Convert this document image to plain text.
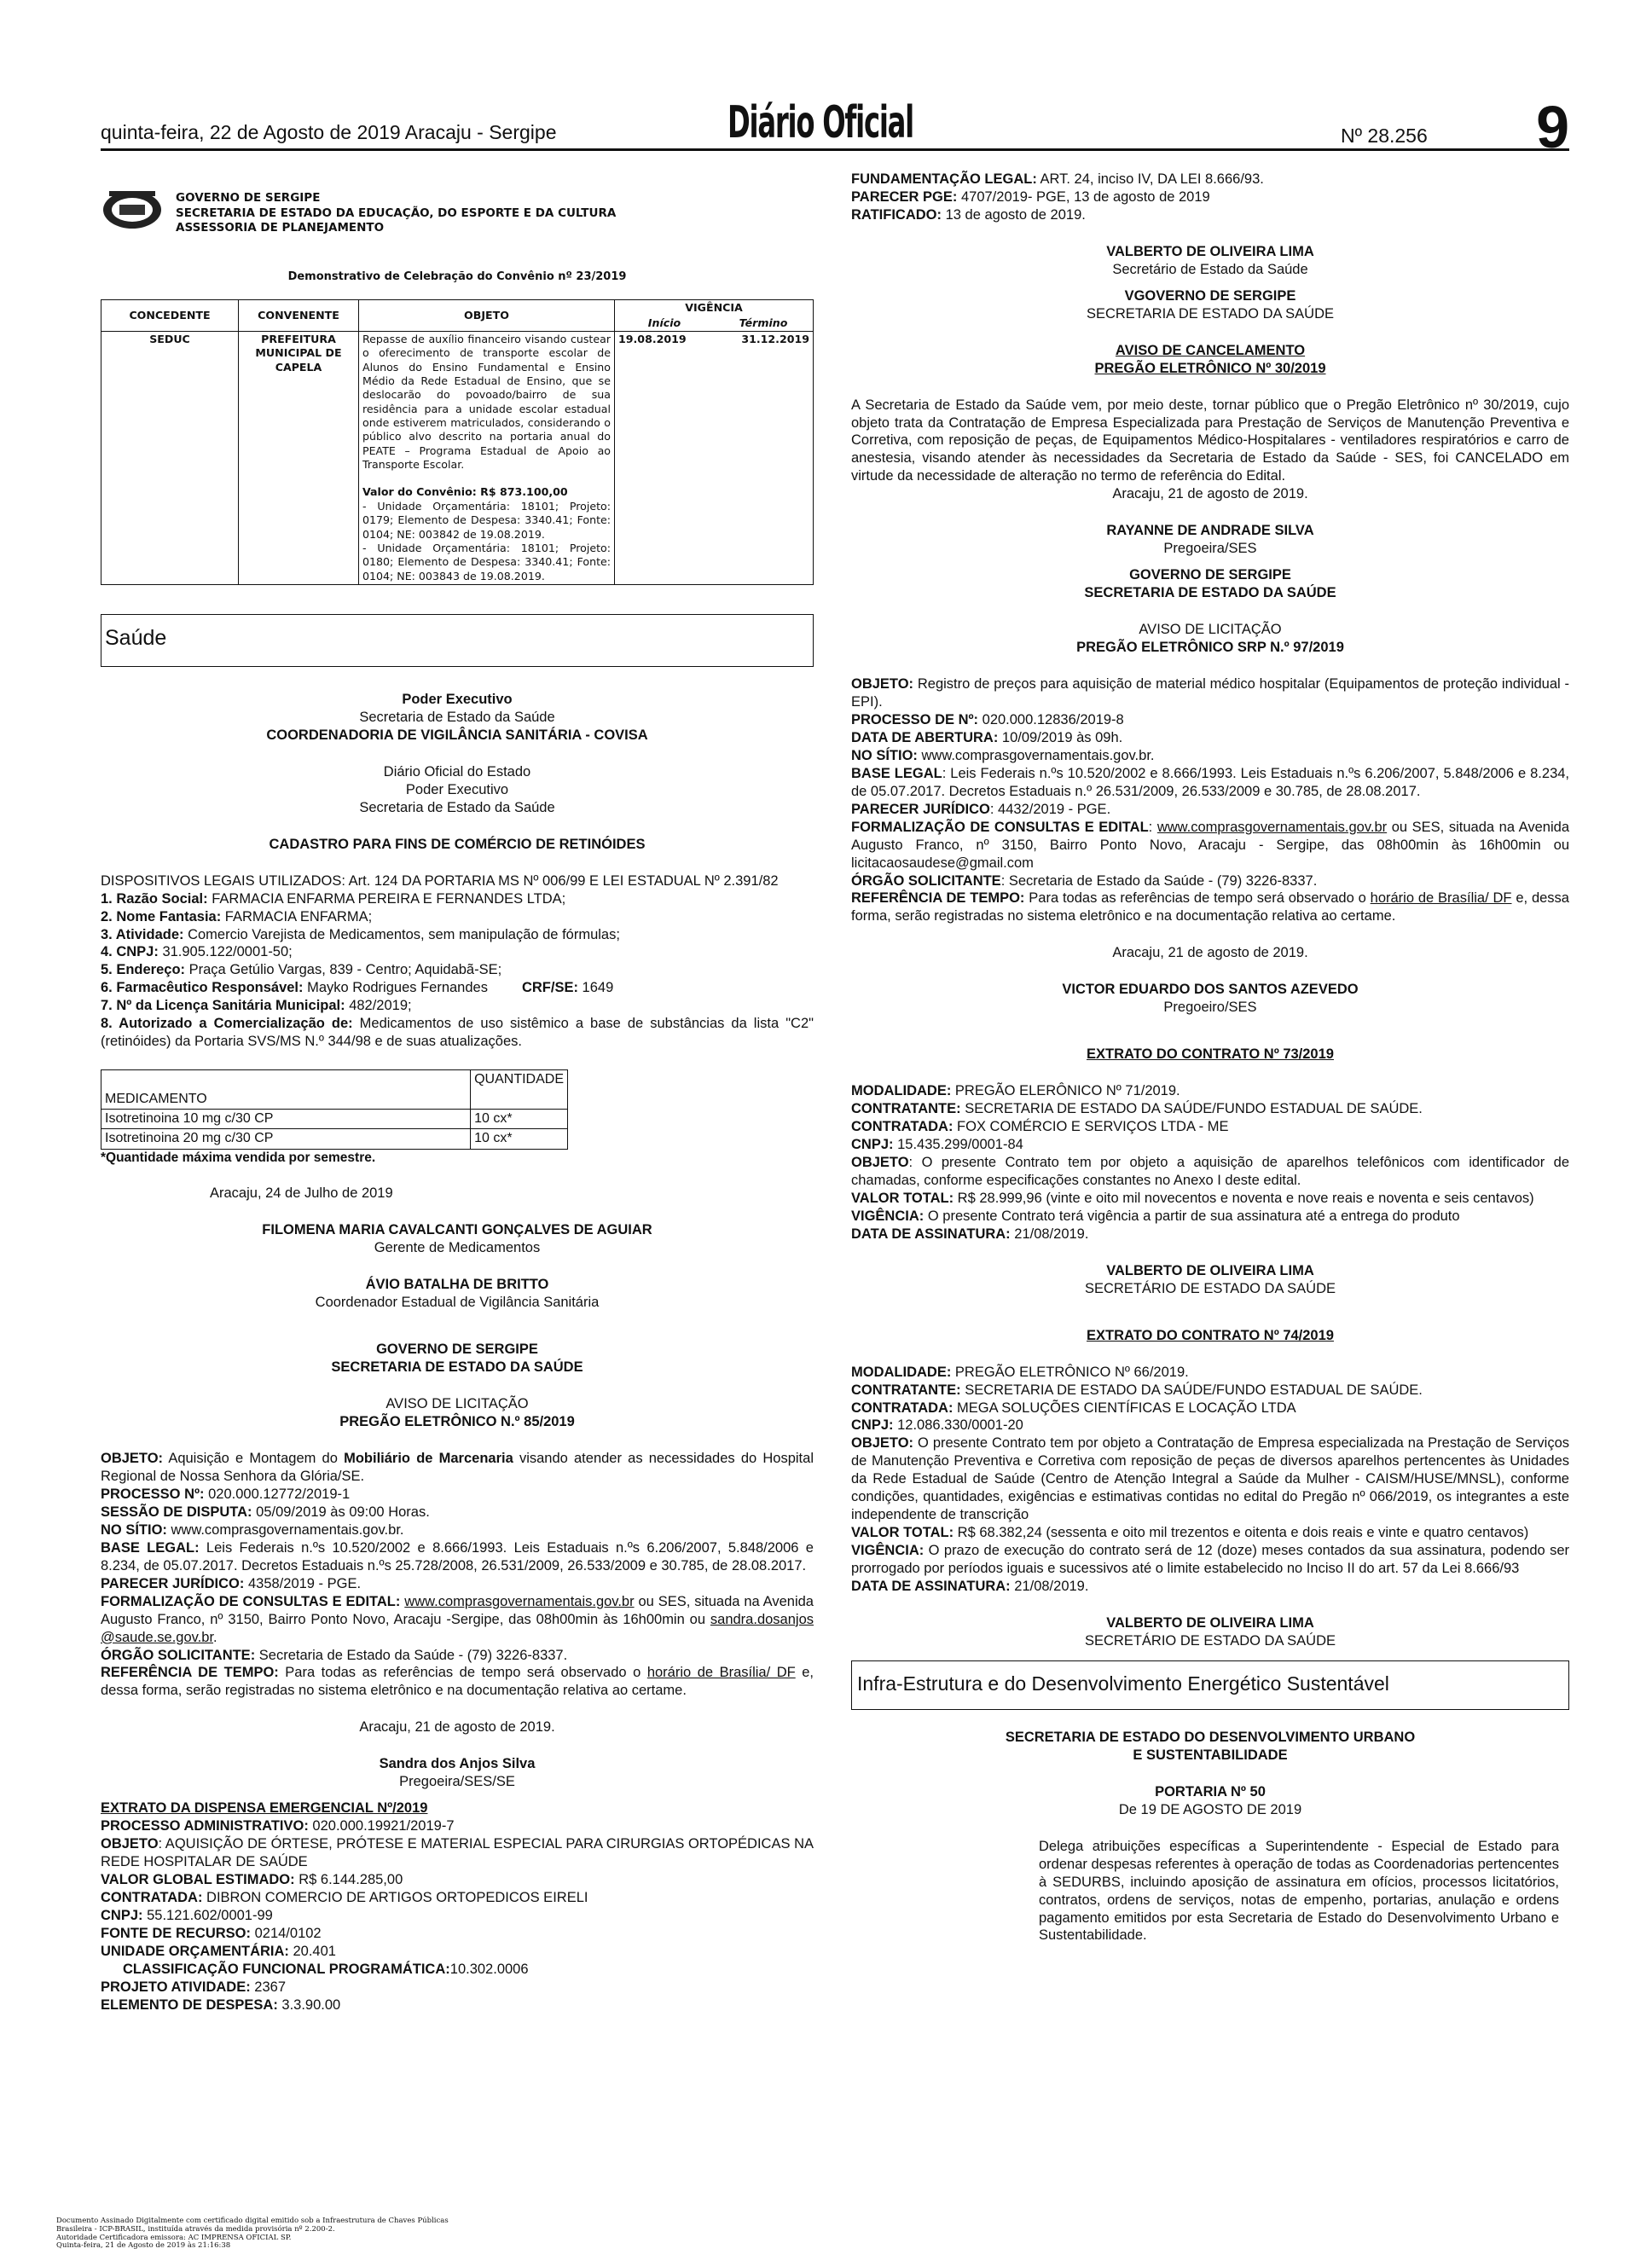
quinta-feira, 22 de Agosto de 2019 Aracaju - Sergipe	Diário Oficial	Nº 28.256 9
GOVERNO DE SERGIPE
SECRETARIA DE ESTADO DA EDUCAÇÃO, DO ESPORTE E DA CULTURA
ASSESSORIA DE PLANEJAMENTO
Demonstrativo de Celebração do Convênio nº 23/2019
CONCEDENTE	CONVENENTE	OBJETO	VIGÊNCIA	
			Início	Término
SEDUC	PREFEITURA MUNICIPAL DE CAPELA	Repasse de auxílio financeiro visando custear o oferecimento de transporte escolar de Alunos do Ensino Fundamental e Ensino Médio da Rede Estadual de Ensino, que se deslocarão do povoado/bairro de sua residência para a unidade escolar estadual onde estiverem matriculados, considerando o público alvo descrito na portaria anual do PEATE – Programa Estadual de Apoio ao Transporte Escolar.
Valor do Convênio: R$ 873.100,00
- Unidade Orçamentária: 18101; Projeto: 0179; Elemento de Despesa: 3340.41; Fonte: 0104; NE: 003842 de 19.08.2019.
- Unidade Orçamentária: 18101; Projeto: 0180; Elemento de Despesa: 3340.41; Fonte: 0104; NE: 003843 de 19.08.2019.	19.08.2019	31.12.2019
Saúde
Poder Executivo
Secretaria de Estado da Saúde
COORDENADORIA DE VIGILÂNCIA SANITÁRIA - COVISA
Diário Oficial do Estado
Poder Executivo
Secretaria de Estado da Saúde
CADASTRO PARA FINS DE COMÉRCIO DE RETINÓIDES

DISPOSITIVOS LEGAIS UTILIZADOS: Art. 124 DA PORTARIA MS Nº 006/99 E LEI ESTADUAL Nº 2.391/82

1. Razão Social: FARMACIA ENFARMA PEREIRA E FERNANDES LTDA;

2. Nome Fantasia: FARMACIA ENFARMA;

3. Atividade: Comercio Varejista de Medicamentos, sem manipulação de fórmulas;

4. CNPJ: 31.905.122/0001-50;

5. Endereço: Praça Getúlio Vargas, 839 - Centro; Aquidabã-SE;

6. Farmacêutico Responsável: Mayko Rodrigues Fernandes CRF/SE: 1649

7. Nº da Licença Sanitária Municipal: 482/2019;

8. Autorizado a Comercialização de: Medicamentos de uso sistêmico a base de substâncias da lista "C2" (retinóides) da Portaria SVS/MS N.º 344/98 e de suas atualizações.

MEDICAMENTO	QUANTIDADE
Isotretinoina 10 mg c/30 CP	10 cx*
Isotretinoina 20 mg c/30 CP	10 cx*

*Quantidade máxima vendida por semestre.

Aracaju, 24 de Julho de 2019

FILOMENA MARIA CAVALCANTI GONÇALVES DE AGUIAR
Gerente de Medicamentos
ÁVIO BATALHA DE BRITTO
Coordenador Estadual de Vigilância Sanitária
GOVERNO DE SERGIPE
SECRETARIA DE ESTADO DA SAÚDE
AVISO DE LICITAÇÃO
PREGÃO ELETRÔNICO N.º 85/2019

OBJETO: Aquisição e Montagem do Mobiliário de Marcenaria visando atender as necessidades do Hospital Regional de Nossa Senhora da Glória/SE.

PROCESSO Nº: 020.000.12772/2019-1

SESSÃO DE DISPUTA: 05/09/2019 às 09:00 Horas.

NO SÍTIO: www.comprasgovernamentais.gov.br.

BASE LEGAL: Leis Federais n.ºs 10.520/2002 e 8.666/1993. Leis Estaduais n.ºs 6.206/2007, 5.848/2006 e 8.234, de 05.07.2017. Decretos Estaduais n.ºs 25.728/2008, 26.531/2009, 26.533/2009 e 30.785, de 28.08.2017.

PARECER JURÍDICO: 4358/2019 - PGE.

FORMALIZAÇÃO DE CONSULTAS E EDITAL: www.comprasgovernamentais.gov.br ou SES, situada na Avenida Augusto Franco, nº 3150, Bairro Ponto Novo, Aracaju -Sergipe, das 08h00min às 16h00min ou sandra.dosanjos @saude.se.gov.br.

ÓRGÃO SOLICITANTE: Secretaria de Estado da Saúde - (79) 3226-8337.

REFERÊNCIA DE TEMPO: Para todas as referências de tempo será observado o horário de Brasília/ DF e, dessa forma, serão registradas no sistema eletrônico e na documentação relativa ao certame.

Aracaju, 21 de agosto de 2019.

Sandra dos Anjos Silva
Pregoeira/SES/SE

EXTRATO DA DISPENSA EMERGENCIAL Nº/2019

PROCESSO ADMINISTRATIVO: 020.000.19921/2019-7

OBJETO: AQUISIÇÃO DE ÓRTESE, PRÓTESE E MATERIAL ESPECIAL PARA CIRURGIAS ORTOPÉDICAS NA REDE HOSPITALAR DE SAÚDE

VALOR GLOBAL ESTIMADO: R$ 6.144.285,00

CONTRATADA: DIBRON COMERCIO DE ARTIGOS ORTOPEDICOS EIRELI

CNPJ: 55.121.602/0001-99

FONTE DE RECURSO: 0214/0102

UNIDADE ORÇAMENTÁRIA: 20.401

CLASSIFICAÇÃO FUNCIONAL PROGRAMÁTICA:10.302.0006

PROJETO ATIVIDADE: 2367

ELEMENTO DE DESPESA: 3.3.90.00

FUNDAMENTAÇÃO LEGAL: ART. 24, inciso IV, DA LEI 8.666/93.

PARECER PGE: 4707/2019- PGE, 13 de agosto de 2019

RATIFICADO: 13 de agosto de 2019.

VALBERTO DE OLIVEIRA LIMA
Secretário de Estado da Saúde
VGOVERNO DE SERGIPE
SECRETARIA DE ESTADO DA SAÚDE
AVISO DE CANCELAMENTO
PREGÃO ELETRÔNICO Nº 30/2019

A Secretaria de Estado da Saúde vem, por meio deste, tornar público que o Pregão Eletrônico nº 30/2019, cujo objeto trata da Contratação de Empresa Especializada para Prestação de Serviços de Manutenção Preventiva e Corretiva, com reposição de peças, de Equipamentos Médico-Hospitalares - ventiladores respiratórios e carro de anestesia, visando atender às necessidades da Secretaria de Estado da Saúde - SES, foi CANCELADO em virtude da necessidade de alteração no termo de referência do Edital.

Aracaju, 21 de agosto de 2019.

RAYANNE DE ANDRADE SILVA
Pregoeira/SES
GOVERNO DE SERGIPE
SECRETARIA DE ESTADO DA SAÚDE
AVISO DE LICITAÇÃO
PREGÃO ELETRÔNICO SRP N.º 97/2019

OBJETO: Registro de preços para aquisição de material médico hospitalar (Equipamentos de proteção individual - EPI).

PROCESSO DE Nº: 020.000.12836/2019-8

DATA DE ABERTURA: 10/09/2019 às 09h.

NO SÍTIO: www.comprasgovernamentais.gov.br.

BASE LEGAL: Leis Federais n.ºs 10.520/2002 e 8.666/1993. Leis Estaduais n.ºs 6.206/2007, 5.848/2006 e 8.234, de 05.07.2017. Decretos Estaduais n.º 26.531/2009, 26.533/2009 e 30.785, de 28.08.2017.

PARECER JURÍDICO: 4432/2019 - PGE.

FORMALIZAÇÃO DE CONSULTAS E EDITAL: www.comprasgovernamentais.gov.br ou SES, situada na Avenida Augusto Franco, nº 3150, Bairro Ponto Novo, Aracaju - Sergipe, das 08h00min às 16h00min ou licitacaosaudese@gmail.com

ÓRGÃO SOLICITANTE: Secretaria de Estado da Saúde - (79) 3226-8337.

REFERÊNCIA DE TEMPO: Para todas as referências de tempo será observado o horário de Brasília/ DF e, dessa forma, serão registradas no sistema eletrônico e na documentação relativa ao certame.

Aracaju, 21 de agosto de 2019.

VICTOR EDUARDO DOS SANTOS AZEVEDO
Pregoeiro/SES

EXTRATO DO CONTRATO Nº 73/2019

MODALIDADE: PREGÃO ELERÔNICO Nº 71/2019.

CONTRATANTE: SECRETARIA DE ESTADO DA SAÚDE/FUNDO ESTADUAL DE SAÚDE.

CONTRATADA: FOX COMÉRCIO E SERVIÇOS LTDA - ME

CNPJ: 15.435.299/0001-84

OBJETO: O presente Contrato tem por objeto a aquisição de aparelhos telefônicos com identificador de chamadas, conforme especificações constantes no Anexo I deste edital.

VALOR TOTAL: R$ 28.999,96 (vinte e oito mil novecentos e noventa e nove reais e noventa e seis centavos)

VIGÊNCIA: O presente Contrato terá vigência a partir de sua assinatura até a entrega do produto

DATA DE ASSINATURA: 21/08/2019.

VALBERTO DE OLIVEIRA LIMA
SECRETÁRIO DE ESTADO DA SAÚDE

EXTRATO DO CONTRATO Nº 74/2019

MODALIDADE: PREGÃO ELETRÔNICO Nº 66/2019.

CONTRATANTE: SECRETARIA DE ESTADO DA SAÚDE/FUNDO ESTADUAL DE SAÚDE.

CONTRATADA: MEGA SOLUÇÕES CIENTÍFICAS E LOCAÇÃO LTDA

CNPJ: 12.086.330/0001-20

OBJETO: O presente Contrato tem por objeto a Contratação de Empresa especializada na Prestação de Serviços de Manutenção Preventiva e Corretiva com reposição de peças de diversos aparelhos pertencentes às Unidades da Rede Estadual de Saúde (Centro de Atenção Integral a Saúde da Mulher - CAISM/HUSE/MNSL), conforme condições, quantidades, exigências e estimativas contidas no edital do Pregão nº 066/2019, os integrantes a este independente de transcrição

VALOR TOTAL: R$ 68.382,24 (sessenta e oito mil trezentos e oitenta e dois reais e vinte e quatro centavos)

VIGÊNCIA: O prazo de execução do contrato será de 12 (doze) meses contados da sua assinatura, podendo ser prorrogado por períodos iguais e sucessivos até o limite estabelecido no Inciso II do art. 57 da Lei 8.666/93

DATA DE ASSINATURA: 21/08/2019.

VALBERTO DE OLIVEIRA LIMA
SECRETÁRIO DE ESTADO DA SAÚDE
Infra-Estrutura e do Desenvolvimento Energético Sustentável
SECRETARIA DE ESTADO DO DESENVOLVIMENTO URBANO
E SUSTENTABILIDADE
PORTARIA Nº 50
De 19 DE AGOSTO DE 2019

Delega atribuições específicas a Superintendente - Especial de Estado para ordenar despesas referentes à operação de todas as Coordenadorias pertencentes à SEDURBS, incluindo aposição de assinatura em ofícios, processos licitatórios, contratos, ordens de serviços, notas de empenho, portarias, anulação e ordens pagamento emitidos por esta Secretaria de Estado do Desenvolvimento Urbano e Sustentabilidade.

Documento Assinado Digitalmente com certificado digital emitido sob a Infraestrutura de Chaves Públicas
Brasileira - ICP-BRASIL, instituída através da medida provisória nº 2.200-2.
Autoridade Certificadora emissora: AC IMPRENSA OFICIAL SP.
Quinta-feira, 21 de Agosto de 2019 às 21:16:38
